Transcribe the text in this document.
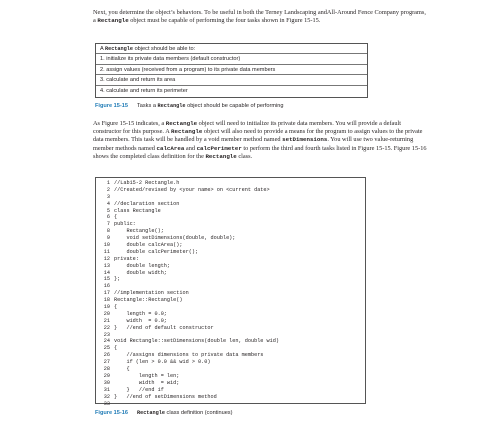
Next, you determine the object’s behaviors. To be useful in both the Terney Landscaping andAll-Around Fence Company programs, a Rectangle object must be capable of performing the four tasks shown in Figure 15-15.
A Rectangle object should be able to:
1. initialize its private data members (default constructor)
2. assign values (received from a program) to its private data members
3. calculate and return its area
4. calculate and return its perimeter
Figure 15-15 Tasks a Rectangle object should be capable of performing
As Figure 15-15 indicates, a Rectangle object will need to initialize its private data members. You will provide a default constructor for this purpose. A Rectangle object will also need to provide a means for the program to assign values to the private data members. This task will be handled by a void member method named setDimensions. You will use two value-returning member methods named calcArea and calcPerimeter to perform the third and fourth tasks listed in Figure 15-15. Figure 15-16 shows the completed class definition for the Rectangle class.
1 //Lab15-2 Rectangle.h
2 //Created/revised by <your name> on <current date>
3
4 //declaration section
5 class Rectangle
6 {
7 public:
8    Rectangle();
9    void setDimensions(double, double);
10    double calcArea();
11    double calcPerimeter();
12 private:
13    double length;
14    double width;
15 };
16
17 //implementation section
18 Rectangle::Rectangle()
19 {
20    length = 0.0;
21    width  = 0.0;
22 }   //end of default constructor
23
24 void Rectangle::setDimensions(double len, double wid)
25 {
26    //assigns dimensions to private data members
27    if (len > 0.0 && wid > 0.0)
28    {
29        length = len;
30        width  = wid;
31    }   //end if
32 }   //end of setDimensions method
33
Figure 15-16 Rectangle class definition (continues)
